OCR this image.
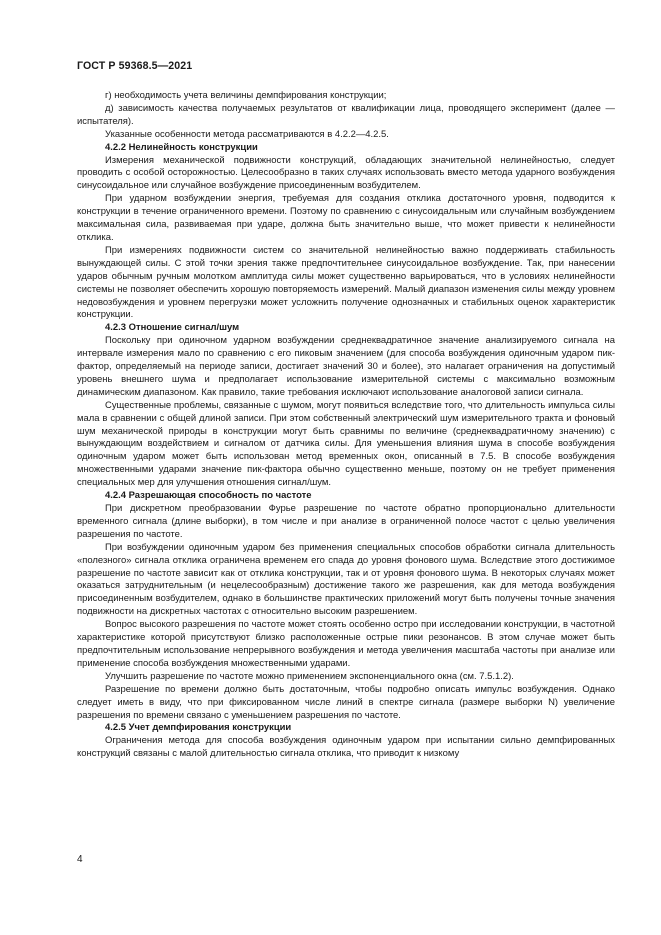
ГОСТ Р 59368.5—2021

г) необходимость учета величины демпфирования конструкции;

д) зависимость качества получаемых результатов от квалификации лица, проводящего эксперимент (далее — испытателя).

Указанные особенности метода рассматриваются в 4.2.2—4.2.5.

4.2.2 Нелинейность конструкции

Измерения механической подвижности конструкций, обладающих значительной нелинейностью, следует проводить с особой осторожностью. Целесообразно в таких случаях использовать вместо метода ударного возбуждения синусоидальное или случайное возбуждение присоединенным возбудителем.

При ударном возбуждении энергия, требуемая для создания отклика достаточного уровня, подводится к конструкции в течение ограниченного времени. Поэтому по сравнению с синусоидальным или случайным возбуждением максимальная сила, развиваемая при ударе, должна быть значительно выше, что может привести к нелинейности отклика.

При измерениях подвижности систем со значительной нелинейностью важно поддерживать стабильность вынуждающей силы. С этой точки зрения также предпочтительнее синусоидальное возбуждение. Так, при нанесении ударов обычным ручным молотком амплитуда силы может существенно варьироваться, что в условиях нелинейности системы не позволяет обеспечить хорошую повторяемость измерений. Малый диапазон изменения силы между уровнем недовозбуждения и уровнем перегрузки может усложнить получение однозначных и стабильных оценок характеристик конструкции.

4.2.3 Отношение сигнал/шум

Поскольку при одиночном ударном возбуждении среднеквадратичное значение анализируемого сигнала на интервале измерения мало по сравнению с его пиковым значением (для способа возбуждения одиночным ударом пик-фактор, определяемый на периоде записи, достигает значений 30 и более), это налагает ограничения на допустимый уровень внешнего шума и предполагает использование измерительной системы с максимально возможным динамическим диапазоном. Как правило, такие требования исключают использование аналоговой записи сигнала.

Существенные проблемы, связанные с шумом, могут появиться вследствие того, что длительность импульса силы мала в сравнении с общей длиной записи. При этом собственный электрический шум измерительного тракта и фоновый шум механической природы в конструкции могут быть сравнимы по величине (среднеквадратичному значению) с вынуждающим воздействием и сигналом от датчика силы. Для уменьшения влияния шума в способе возбуждения одиночным ударом может быть использован метод временных окон, описанный в 7.5. В способе возбуждения множественными ударами значение пик-фактора обычно существенно меньше, поэтому он не требует применения специальных мер для улучшения отношения сигнал/шум.

4.2.4 Разрешающая способность по частоте

При дискретном преобразовании Фурье разрешение по частоте обратно пропорционально длительности временного сигнала (длине выборки), в том числе и при анализе в ограниченной полосе частот с целью увеличения разрешения по частоте.

При возбуждении одиночным ударом без применения специальных способов обработки сигнала длительность «полезного» сигнала отклика ограничена временем его спада до уровня фонового шума. Вследствие этого достижимое разрешение по частоте зависит как от отклика конструкции, так и от уровня фонового шума. В некоторых случаях может оказаться затруднительным (и нецелесообразным) достижение такого же разрешения, как для метода возбуждения присоединенным возбудителем, однако в большинстве практических приложений могут быть получены точные значения подвижности на дискретных частотах с относительно высоким разрешением.

Вопрос высокого разрешения по частоте может стоять особенно остро при исследовании конструкции, в частотной характеристике которой присутствуют близко расположенные острые пики резонансов. В этом случае может быть предпочтительным использование непрерывного возбуждения и метода увеличения масштаба частоты при анализе или применение способа возбуждения множественными ударами.

Улучшить разрешение по частоте можно применением экспоненциального окна (см. 7.5.1.2).

Разрешение по времени должно быть достаточным, чтобы подробно описать импульс возбуждения. Однако следует иметь в виду, что при фиксированном числе линий в спектре сигнала (размере выборки N) увеличение разрешения по времени связано с уменьшением разрешения по частоте.

4.2.5 Учет демпфирования конструкции

Ограничения метода для способа возбуждения одиночным ударом при испытании сильно демпфированных конструкций связаны с малой длительностью сигнала отклика, что приводит к низкому

4
